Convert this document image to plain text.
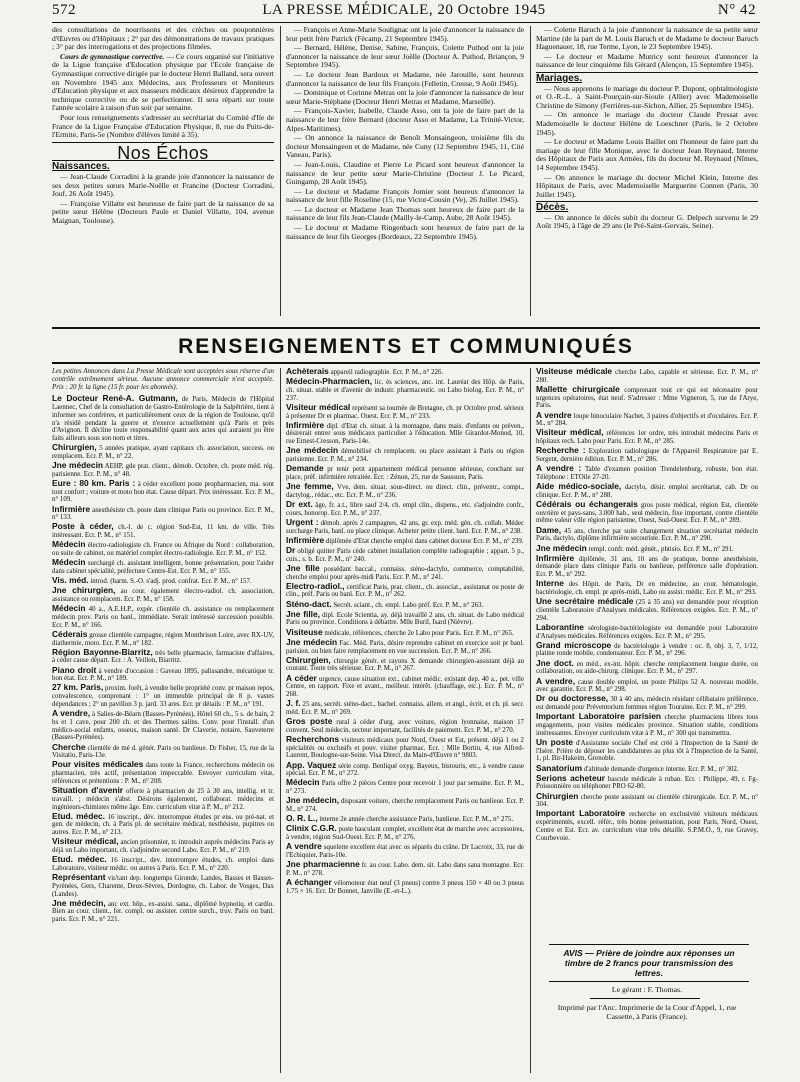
572	LA PRESSE MÉDICALE, 20 Octobre 1945	N° 42

des consultations de nourrissons et des crèches ou pouponnières d'Œuvres ou d'Hôpitaux ; 2° par des démonstrations de travaux pratiques ; 3° par des interrogations et des projections filmées.

Cours de gymnastique corrective. — Ce cours organisé sur l'initiative de la Ligue française d'Education physique par l'Ecole française de Gymnastique corrective dirigée par le docteur Henri Balland, sera ouvert en Novembre 1945 aux Médecins, aux Professeurs et Moniteurs d'Education physique et aux masseurs médicaux désireux d'apprendre la technique corrective ou de se perfectionner. Il sera réparti sur toute l'année scolaire à raison d'un soir par semaine.

Pour tous renseignements s'adresser au secrétariat du Comité d'Ile de France de la Ligue Française d'Education Physique, 8, rue du Puits-de-l'Ermite, Paris-5e (Nombre d'élèves limité à 35).

Nos Échos

Naissances.

— Jean-Claude Corradini à la grande joie d'annoncer la naissance de ses deux petites sœurs Marie-Noëlle et Francine (Docteur Corradini, Jouf, 26 Août 1945).

— Françoise Villatte est heureuse de faire part de la naissance de sa petite sœur Hélène (Docteurs Paule et Daniel Villatte, 104, avenue Maignan, Toulouse).

— François et Anne-Marie Soulignac ont la joie d'annoncer la naissance de leur petit frère Patrick (Fécamp, 21 Septembre 1945).

— Bernard, Hélène, Denise, Sabine, François, Colette Puthod ont la joie d'annoncer la naissance de leur sœur Joëlle (Docteur A. Puthod, Briançon, 9 Septembre 1945).

— Le docteur Jean Bardoux et Madame, née Jarouille, sont heureux d'annoncer la naissance de leur fils François (Felletin, Creuse, 9 Août 1945).

— Dominique et Corinne Metras ont la joie d'annoncer la naissance de leur sœur Marie-Stéphane (Docteur Henri Metras et Madame, Marseille).

— François-Xavier, Isabelle, Claude Asso, ont la joie de faire part de la naissance de leur frère Bernard (docteur Asso et Madame, La Trinité-Victor, Alpes-Maritimes).

— On annonce la naissance de Benoît Monsaingeon, troisième fils du docteur Monsaingeon et de Madame, née Cuny (12 Septembre 1945, 11, Cité Vaneau, Paris).

— Jean-Louis, Claudine et Pierre Le Picard sont heureux d'annoncer la naissance de leur petite sœur Marie-Christine (Docteur J. Le Picard, Guingamp, 28 Août 1945).

— Le docteur et Madame François Jomier sont heureux d'annoncer la naissance de leur fille Roseline (15, rue Victor-Cousin (Ve), 26 Juillet 1945).

— Le docteur et Madame Jean Thomas sont heureux de faire part de la naissance de leur fils Jean-Claude (Mailly-le-Camp, Aube, 28 Août 1945).

— Le docteur et Madame Ringenbach sont heureux de faire part de la naissance de leur fils Georges (Bordeaux, 22 Septembre 1945).

— Colette Baruch à la joie d'annoncer la naissance de sa petite sœur Martine (de la part de M. Louis Baruch et de Madame le docteur Baruch Haguenauer, 18, rue Terme, Lyon, le 23 Septembre 1945).

— Le docteur et Madame Mutricy sont heureux d'annoncer la naissance de leur cinquième fils Gérard (Alençon, 15 Septembre 1945).

Mariages.

— Nous apprenons le mariage du docteur P. Dupont, ophtalmologiste et O.-R.-L. à Saint-Pourçain-sur-Sioule (Allier) avec Mademoiselle Christine de Simony (Ferrières-sur-Sichon, Allier, 25 Septembre 1945).

— On annonce le mariage du docteur Claude Pressat avec Mademoiselle le docteur Hélène de Loeschner (Paris, le 2 Octobre 1945).

— Le docteur et Madame Louis Baillet ont l'honneur de faire part du mariage de leur fille Monique, avec le docteur Jean Reynaud, Interne des Hôpitaux de Paris aux Armées, fils du docteur M. Reynaud (Nîmes, 14 Septembre 1945).

— On annonce le mariage du docteur Michel Klein, Interne des Hôpitaux de Paris, avec Mademoiselle Marguerite Connen (Paris, 30 Juillet 1945).

Décès.

— On annonce le décès subit du docteur G. Delpech survenu le 29 Août 1945, à l'âge de 29 ans (le Pré-Saint-Gervais, Seine).

RENSEIGNEMENTS ET COMMUNIQUÉS

Les petites Annonces dans La Presse Médicale sont acceptées sous réserve d'un contrôle extrêmement sérieux. Aucune annonce commerciale n'est acceptée. Prix : 20 fr. la ligne (15 fr. pour les abonnés).

Le Docteur René-A. Gutmann, de Paris, Médecin de l'Hôpital Laennec, Chef de la consultation de Gastro-Entérologie de la Salpêtrière, tient à informer ses confrères, et particulièrement ceux de la région de Toulouse, qu'il n'a résidé pendant la guerre et n'exerce actuellement qu'à Paris et près d'Avignon. Il décline toute responsabilité quant aux actes qui auraient pu être faits ailleurs sous son nom et titres.

Chirurgien, 5 années pratique, ayant capitaux ch. association, success. ou remplacem. Ecr. P. M., n° 22.

Jne médecin AEHP, gde prat. client., démob. Octobre, ch. poste méd. rég. parisienne. Ecr. P. M., n° 48.

Eure : 80 km. Paris : à céder excellent poste propharmacien, ma. sont tout confort ; voiture et moto bon état. Cause départ. Prix intéressant. Ecr. P. M., n° 109.

Infirmière anesthésiste ch. poste dans clinique Paris ou province. Ecr. P. M., n° 133.

Poste à céder, ch.-l. de c. région Sud-Est, 11 km. de ville. Très intéressant. Ecr. P. M., n° 151.

Médecin électro-radiologiste ch. France ou Afrique du Nord : collaboration, ou suite de cabinet, ou matériel complet électro-radiologie. Ecr. P. M., n° 152.

Médecin surchargé ch. assistant intelligent, bonne présentation, pour l'aider dans cabinet spécialité, préfecture Centre-Est. Ecr. P. M., n° 155.

Vis. méd. introd. (harm. S.-O. s'adj. prod. confrat. Ecr. P. M., n° 157.

Jne chirurgien, au cour. également électro-radiol. ch. association, assistance ou remplacem. Ecr. P. M., n° 158.

Médecin 40 a., A.E.H.P., expér. clientèle ch. assistance ou remplacement médecin prov. Paris ou banl., immédiate. Serait intéressé succession possible. Ecr. P. M., n° 166.

Céderais grosse clientèle campagne, région Montbrison Loire, avec RX-UV, diathermie, moto. Ecr. P. M., n° 182.

Région Bayonne-Biarritz, très belle pharmacie, farmaciste d'affaires, à céder cause départ. Ecr. : A. Veillon, Biarritz.

Piano droit à vendre d'occasion : Gaveau 1895, palissandre, mécanique tr. bon état. Ecr. P. M., n° 189.

27 km. Paris, proxim. forêt, à vendre belle propriété conv. pr maison repos, convalescence, comprenant : 1° un immeuble principal de 8 p. vastes dépendances ; 2° un pavillon 3 p. jard. 33 ares. Ecr. pr détails : P. M., n° 191.

A vendre, à Salies-de-Béarn (Basses-Pyrénées), Hôtel 60 ch., 5 s. de bain, 2 bs et 1 cave, pour 200 ch. et des Thermes salins. Conv. pour l'install. d'un médico-social enfants, osseux, maison santé. Dr Claverie, notaire, Sauveterre (Basses-Pyrénées).

Cherche clientèle de mé d. génér. Paris ou banlieue. Dr Fisher, 15, rue de la Visitatio, Paris-13e.

Pour visites médicales dans toute la France, recherchons médecin ou pharmacien, très actif, présentation impeccable. Envoyer curriculum vitæ, références et prétentions : P. M., n° 208.

Situation d'avenir offerte à pharmacien de 25 à 30 ans, intellig. et tr. travaill. ; médecin s'abst. Désirons également, collaborat. médecins et ingénieurs-chimistes même âge. Env. curriculum vitæ à P. M., n° 212.

Etud. médec. 16 inscript., dév. interrompue études pr ens. ou pré-nat. et gen. de médecin, ch. à Paris pl. de secrétaire médical, nesthésiste, pupitres ou autres. Ecr. P. M., n° 213.

Visiteur médical, ancien prisonnier, tr. introduit auprès médecins Paris ay déjà un Labo important, ch. s'adjoindre second Labo. Ecr. P. M., n° 219.

Etud. médec. 16 inscript., dev. interrompre études, ch. emploi dans Laboratoire, visiteur médic. ou autres à Paris. Ecr. P. M., n° 220.

Représentant vis'tant dep. longtemps Gironde, Landes, Basses et Basses-Pyrénées, Gers, Charente, Deux-Sèvres, Dordogne, ch. Labor. de Vosges, Dax (Landes).

Jne médecin, anc ext. hôp., ex-assist. sana., diplômé hypnotiq. et cardio. Bien au cour. client., fer. compl. ou assister. centre surch., truv. Paris ou banl. paris. Ecr. P. M., n° 221.

Achèterais appareil radiographie. Ecr. P. M., n° 226.

Médecin-Pharmacien, lic. ès sciences, anc. int. Lauréat des Hôp. de Paris, ch. situat. stable et d'avenir de industr. pharmaceutic. ou Labo biolog. Ecr. P. M., n° 237.

Visiteur médical représent sa tournée de Bretagne, ch. pr Octobre prod. sérieux à présenter Dr et pharmac. Ouest. Ecr. P. M., n° 233.

Infirmière dipl. d'Etat ch. situat. à la montagne, dans mais. d'enfants ou préven., désirerait entrer sous médicaux particulier à l'éducation. Mlle Girardot-Monod, 10, rue Ernest-Cresson, Paris-14e.

Jne médecin démobilisé ch remplacem. ou place assistant à Paris ou région parisienne. Ecr. P. M., n° 234.

Demande pr tenir petit appartement médical personne sérieuse, couchant sur place, préf. infirmière retraitée. Ecr. : Zénon, 25, rue de Saussure, Paris.

Jne femme, Vve, dem. situat. sous-direct. ou direct. clin., préventr., compt., dactylog., rédac., etc. Ecr. P. M., n° 236.

Dr ext. âge, fr. a.t., libre sauf 2/4, ch. empl clin., dispens., etc. s'adjoindre confr., cours, honorop. Ecr. P. M., n° 237.

Urgent : démob. après 2 campagnes, 42 ans, gr. exp. méd. gén. ch. collab. Médec surcharge Paris, banl. ou place clinique. Acheter petite client. banl. Ecr. P. M., n° 238.

Infirmière diplômée d'Etat cherche emploi dans cabinet docteur Ecr. P. M., n° 239.

Dr obligé quitter Paris cède cabinet installation complète radiographie ; appart. 5 p., cuis., s. b. Ecr. P. M., n° 240.

Jne fille possédant baccal., connaiss. sténo-dactylo, commerce, comptabilité, cherche emploi pour après-midi Paris. Ecr. P. M., n° 241.

Electro-radiol., certificat Paris, prat. client., ch. associat., assistanat ou poste de clin., préf. Paris ou banl. Ecr. P. M., n° 262.

Sténo-dact. Secrét. sciant., ch. empl. Labo préf. Ecr. P. M., n° 263.

Jne fille, dipl. Ecole Scientia, ay. déjà travaillé 2 ans, ch. situat. de Labo médical Paris ou province. Conditions à débattre. Mlle Buril, Isard (Nièvre).

Visiteuse médicale, références, cherche 2e Labo pour Paris. Ecr. P. M., n° 265.

Jne médecin Fac. Méd. Paris, désire reprendre cabinet en exercice soit pr banl. parisien. ou bien faire remplacement en vue succession. Ecr. P. M., n° 266.

Chirurgien, chirurgie génér. et rayons X demande chirurgien-assistant déjà au courant. Toute très sérieuse. Ecr. P. M., n° 267.

A céder urgence, cause situation ext., cabinet médic. existant dep. 40 a., pet. ville Centre, en rapport. Fixe et avant., meilleur. intérêt. (chauffage, etc.). Ecr. P. M., n° 268.

J. f. 25 ans, secrét. sténo-dact., bachel. connaiss. allem. et angl., écrit. et ch. pl. secr. méd. Ecr. P. M., n° 269.

Gros poste rural à céder d'urg. avec voiture, région lyonnaise, maison 17 convent. Seul médecin, secteur important, facilités de paiement. Ecr. P. M., n° 270.

Recherchons visiteurs médicaux pour Nord, Ouest et Est, présent. déjà 1 ou 2 spécialités ou exclusifs et pouv. visiter pharmac. Ecr. : Mlle Bortin, 4, rue Alfred-Laurent, Boulogne-sur-Seine. Visa Direct. du Main-d'Œuvre n° 9803.

App. Vaquez série comp. Benliqué oxyg. Bayeux, bistouris, etc., à vendre cause spécial. Ecr. P. M., n° 272.

Médecin Paris offre 2 pièces Centre pour recevoir 1 jour par semaine. Ecr. P. M., n° 273.

Jne médecin, disposant voiture, cherche remplacement Paris ou banlieue. Ecr. P. M., n° 274.

O. R. L., interne 2e année cherche assistance Paris, banlieue. Ecr. P. M., n° 275.

Clinix C.G.R. poste basculant complet, excellent état de marche avec accessoires, à vendre, région Sud-Ouest. Ecr. P. M., n° 276.

A vendre squelette excellent état avec os séparés du crâne. Dr Lacroix, 33, rue de l'Echiquier, Paris-10e.

Jne pharmacienne fr. au cour. Labo. dem. sit. Labo dans sana montagne. Ecr. P. M., n° 278.

A échanger vélomoteur état neuf (3 pneus) contre 3 pneus 150 × 40 ou 3 pneus 1.75 × 16. Ecr. Dr Bonnet, Janville (E.-et-L.).

Visiteuse médicale cherche Labo, capable et sérieuse. Ecr. P. M., n° 280.

Mallette chirurgicale comprenant tout ce qui est nécessaire pour urgences opératoires, état neuf. S'adresser : Mme Vigneron, 5, rue de l'Arye, Paris.

A vendre loupe binoculaire Nachet, 3 paires d'objectifs et d'oculaires. Ecr. P. M., n° 284.

Visiteur médical, références 1er ordre, très introduit médecins Paris et hôpitaux rech. Labo pour Paris. Ecr. P. M., n° 285.

Recherche : Exploration radiologique de l'Appareil Respiratoire par E. Sergent, dernière édition. Ecr. P. M., n° 286.

A vendre : Table d'examen position Trendelenburg, robuste, bon état. Téléphone : ETOile 27-20.

Aide médico-sociale, dactylo, désir. emploi secrétariat, cab. Dr ou clinique. Ecr. P. M., n° 288.

Cédérais ou échangerais gros poste médical, région Est, clientèle ouvrière et pays-sans, 3.000 hab., seul médecin, fixe important, contre clientèle même valeur ville région parisienne, Ouest, Sud-Ouest. Ecr. P. M., n° 289.

Dame, 45 ans, cherche par suite changement situation secrétariat médecin Paris, dactylo, diplôme infirmière secouriste. Ecr. P. M., n° 290.

Jne médecin rempl. confr. méd. génér., phtisio. Ecr. P. M., n° 291.

Infirmière diplômée, 31 ans, 10 ans de pratique, bonne anesthésiste, demande place dans clinique Paris ou banlieue, préférence salle d'opération. Ecr. P. M., n° 292.

Interne des Hôpit. de Paris, Dr en médecine, au cour. hématologie, bactériologie, ch. empl. pr après-midi, Labo ou assist. médic. Ecr. P. M., n° 293.

Une secrétaire médicale (25 à 35 ans) est demandée pour réception clientèle Laboratoire d'Analyses médicales. Références exigées. Ecr. P. M., n° 294.

Laborantine sérologiste-bactériologiste est demandée pour Laboratoire d'Analyses médicales. Références exigées. Ecr. P. M., n° 295.

Grand microscope de bactériologie à vendre : oc. 8, obj. 3, 7, 1/12, platine ronde mobile, condensateur. Ecr. P. M., n° 296.

Jne doct. en méd., ex-int. hôpit. cherche remplacement longue durée, ou collaboration, ou aide-chirurg. clinique. Ecr. P. M., n° 297.

A vendre, cause double emploi, un poste Philips 52 A. nouveau modèle, avec garantie. Ecr. P. M., n° 298.

Dr ou doctoresse, 30 à 40 ans, médecin résidant célibataire préférence, est demandé pour Préventorium femmes région Touraine. Ecr. P. M., n° 299.

Important Laboratoire parisien cherche pharmaciens libres tous engagements, pour visites médicales province. Situation stable, conditions intéressantes. Envoyer curriculum vitæ à P. M., n° 300 qui transmettra.

Un poste d'Assistante sociale Chef est créé à l'Inspection de la Santé de l'Isère. Prière de déposer les candidatures au plus tôt à l'Inspection de la Santé, 1, pl. Bir-Hakeim, Grenoble.

Sanatorium d'altitude demande d'urgence interne. Ecr. P. M., n° 302.

Serions acheteur bascule médicale à ruban. Ecr. : Philippe, 49, r. Fg-Poissonnière ou téléphoner PRO 62-80.

Chirurgien cherche poste assistant ou clientèle chirurgicale. Ecr. P. M., n° 304.

Important Laboratoire recherche en exclusivité visiteurs médicaux expérimentés, excell. référ., très bonne présentation, pour Paris, Nord, Ouest, Centre et Est. Ecr. av. curriculum vitæ très détaillé. S.P.M.O., 9, rue Gravey, Courbevoie.

AVIS — Prière de joindre aux réponses un timbre de 2 francs pour transmission des lettres.
Le gérant : F. Thomas.
Imprimé par l'Anc. Imprimerie de la Cour d'Appel, 1, rue Cassette, à Paris (France).
